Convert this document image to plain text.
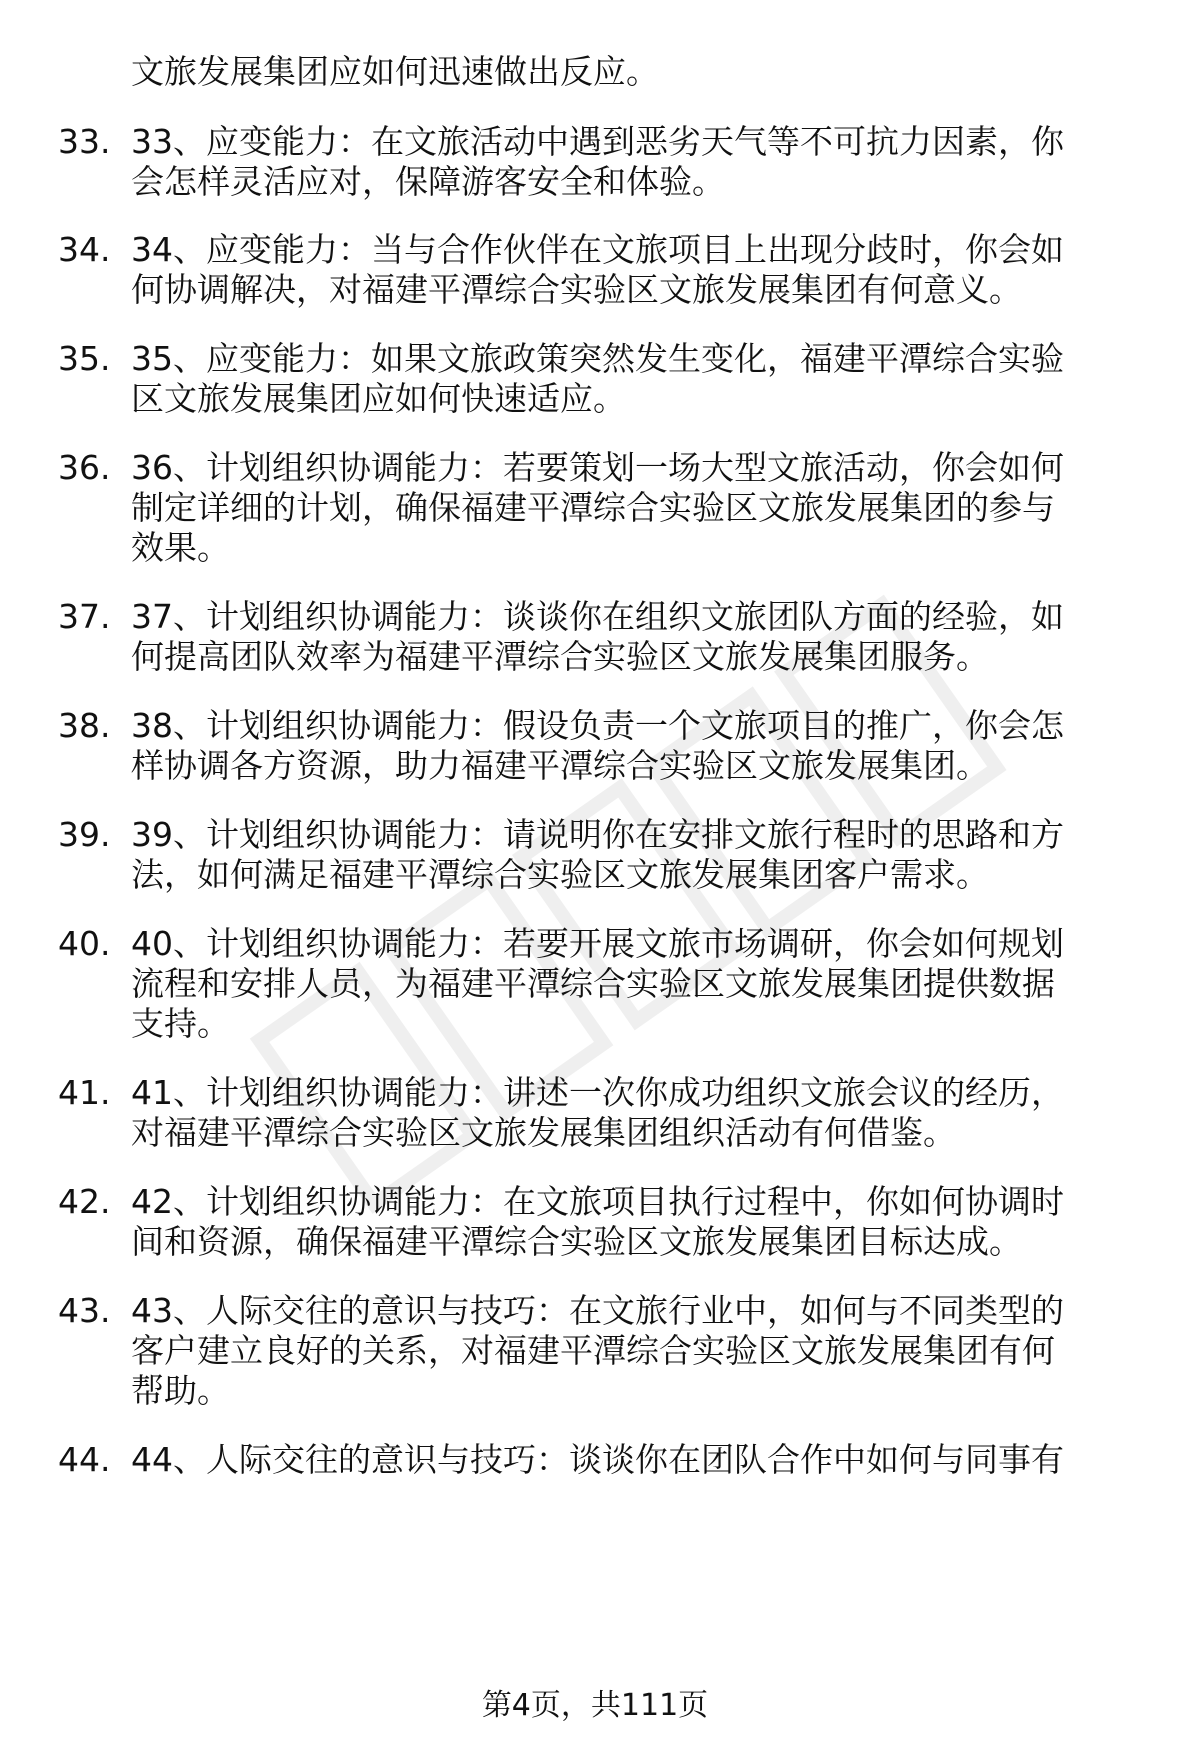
文旅发展集团应如何迅速做出反应。

33. 33、应变能力：在文旅活动中遇到恶劣天气等不可抗力因素，你
会怎样灵活应对，保障游客安全和体验。
34. 34、应变能力：当与合作伙伴在文旅项目上出现分歧时，你会如
何协调解决，对福建平潭综合实验区文旅发展集团有何意义。
35. 35、应变能力：如果文旅政策突然发生变化，福建平潭综合实验
区文旅发展集团应如何快速适应。
36. 36、计划组织协调能力：若要策划一场大型文旅活动，你会如何
制定详细的计划，确保福建平潭综合实验区文旅发展集团的参与
效果。
37. 37、计划组织协调能力：谈谈你在组织文旅团队方面的经验，如
何提高团队效率为福建平潭综合实验区文旅发展集团服务。
38. 38、计划组织协调能力：假设负责一个文旅项目的推广，你会怎
样协调各方资源，助力福建平潭综合实验区文旅发展集团。
39. 39、计划组织协调能力：请说明你在安排文旅行程时的思路和方
法，如何满足福建平潭综合实验区文旅发展集团客户需求。
40. 40、计划组织协调能力：若要开展文旅市场调研，你会如何规划
流程和安排人员，为福建平潭综合实验区文旅发展集团提供数据
支持。
41. 41、计划组织协调能力：讲述一次你成功组织文旅会议的经历，
对福建平潭综合实验区文旅发展集团组织活动有何借鉴。
42. 42、计划组织协调能力：在文旅项目执行过程中，你如何协调时
间和资源，确保福建平潭综合实验区文旅发展集团目标达成。
43. 43、人际交往的意识与技巧：在文旅行业中，如何与不同类型的
客户建立良好的关系，对福建平潭综合实验区文旅发展集团有何
帮助。
44. 44、人际交往的意识与技巧：谈谈你在团队合作中如何与同事有
第4页，共111页
